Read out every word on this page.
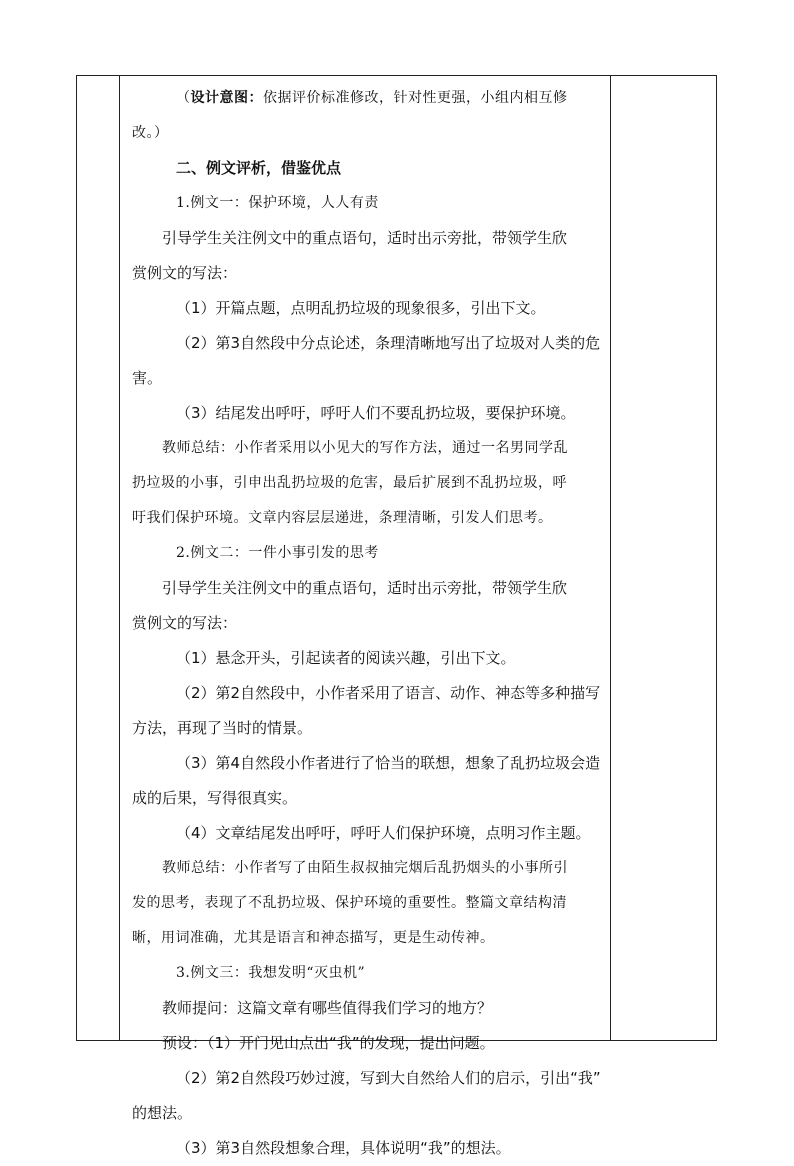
（设计意图：依据评价标准修改，针对性更强，小组内相互修

改。）

二、例文评析，借鉴优点

1.例文一：保护环境，人人有责

引导学生关注例文中的重点语句，适时出示旁批，带领学生欣

赏例文的写法：

（1）开篇点题，点明乱扔垃圾的现象很多，引出下文。

（2）第3自然段中分点论述，条理清晰地写出了垃圾对人类的危

害。

（3）结尾发出呼吁，呼吁人们不要乱扔垃圾，要保护环境。

教师总结：小作者采用以小见大的写作方法，通过一名男同学乱

扔垃圾的小事，引申出乱扔垃圾的危害，最后扩展到不乱扔垃圾，呼

吁我们保护环境。文章内容层层递进，条理清晰，引发人们思考。

2.例文二：一件小事引发的思考

引导学生关注例文中的重点语句，适时出示旁批，带领学生欣

赏例文的写法：

（1）悬念开头，引起读者的阅读兴趣，引出下文。

（2）第2自然段中，小作者采用了语言、动作、神态等多种描写

方法，再现了当时的情景。

（3）第4自然段小作者进行了恰当的联想，想象了乱扔垃圾会造

成的后果，写得很真实。

（4）文章结尾发出呼吁，呼吁人们保护环境，点明习作主题。

教师总结：小作者写了由陌生叔叔抽完烟后乱扔烟头的小事所引

发的思考，表现了不乱扔垃圾、保护环境的重要性。整篇文章结构清

晰，用词准确，尤其是语言和神态描写，更是生动传神。

3.例文三：我想发明“灭虫机”

教师提问：这篇文章有哪些值得我们学习的地方？

预设：（1）开门见山点出“我”的发现，提出问题。

（2）第2自然段巧妙过渡，写到大自然给人们的启示，引出“我”

的想法。

（3）第3自然段想象合理，具体说明“我”的想法。
